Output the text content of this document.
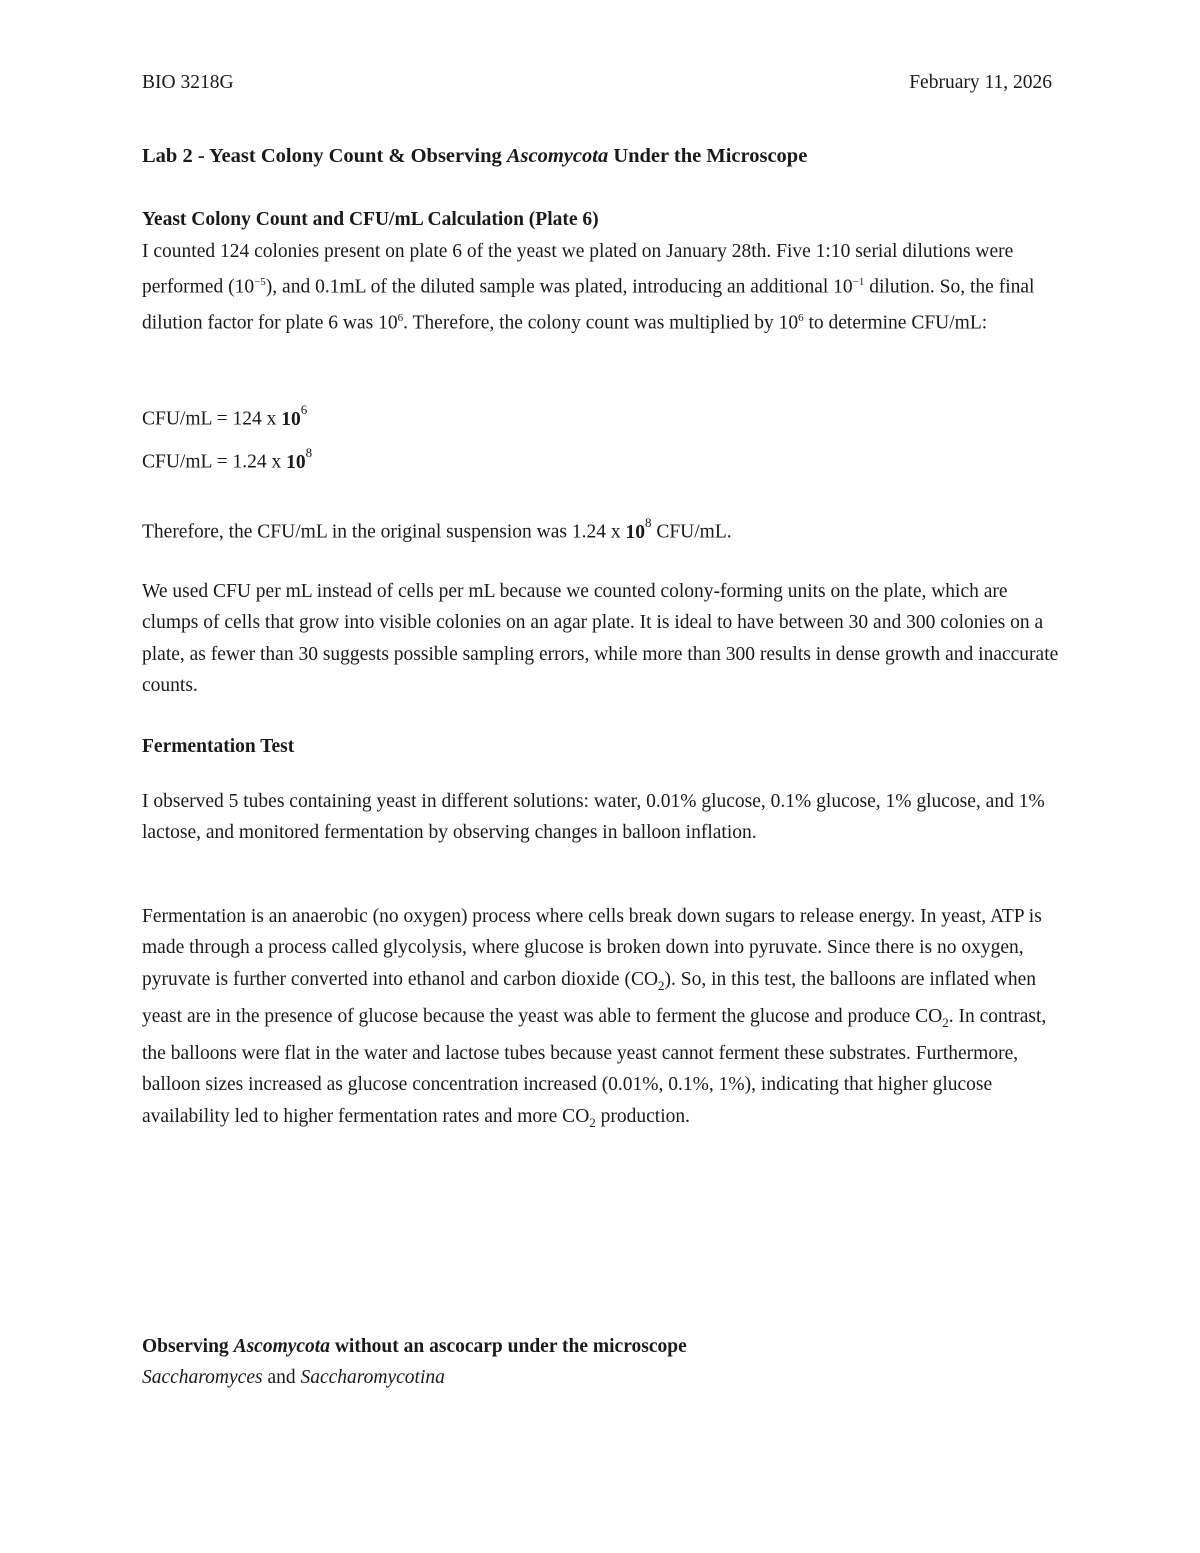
BIO 3218G	February 11, 2026

Lab 2 - Yeast Colony Count & Observing Ascomycota Under the Microscope

Yeast Colony Count and CFU/mL Calculation (Plate 6)

I counted 124 colonies present on plate 6 of the yeast we plated on January 28th. Five 1:10 serial dilutions were performed $(10^{-5})$, and 0.1mL of the diluted sample was plated, introducing an additional $10^{-1}$ dilution. So, the final dilution factor for plate 6 was $10^6$. Therefore, the colony count was multiplied by $10^6$ to determine CFU/mL:

CFU/mL = 124 x $10^6$

CFU/mL = 1.24 x $10^8$

Therefore, the CFU/mL in the original suspension was 1.24 x $10^8$ CFU/mL.

We used CFU per mL instead of cells per mL because we counted colony-forming units on the plate, which are clumps of cells that grow into visible colonies on an agar plate. It is ideal to have between 30 and 300 colonies on a plate, as fewer than 30 suggests possible sampling errors, while more than 300 results in dense growth and inaccurate counts.

Fermentation Test

I observed 5 tubes containing yeast in different solutions: water, 0.01% glucose, 0.1% glucose, 1% glucose, and 1% lactose, and monitored fermentation by observing changes in balloon inflation.

Fermentation is an anaerobic (no oxygen) process where cells break down sugars to release energy. In yeast, ATP is made through a process called glycolysis, where glucose is broken down into pyruvate. Since there is no oxygen, pyruvate is further converted into ethanol and carbon dioxide $(CO_2)$. So, in this test, the balloons are inflated when yeast are in the presence of glucose because the yeast was able to ferment the glucose and produce $CO_2$. In contrast, the balloons were flat in the water and lactose tubes because yeast cannot ferment these substrates. Furthermore, balloon sizes increased as glucose concentration increased (0.01%, 0.1%, 1%), indicating that higher glucose availability led to higher fermentation rates and more $CO_2$ production.

Observing Ascomycota without an ascocarp under the microscope

Saccharomyces and Saccharomycotina
